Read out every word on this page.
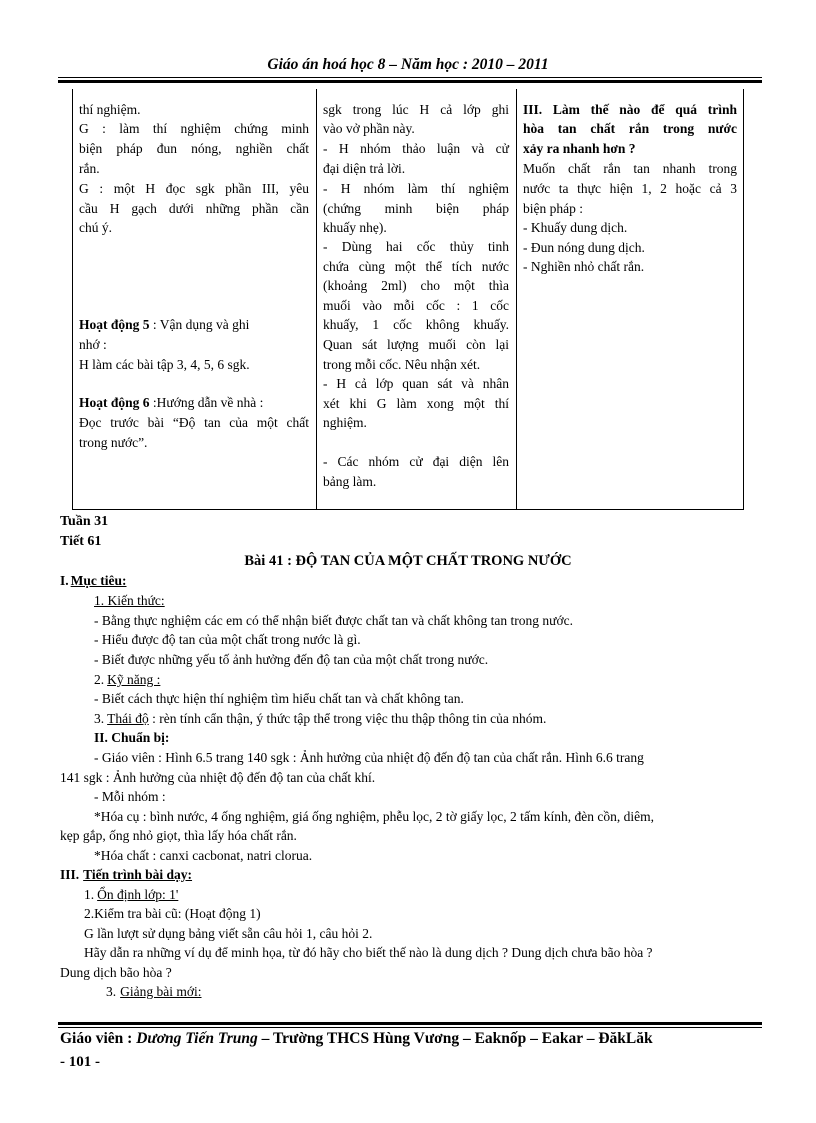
Giáo án hoá học 8 – Năm học : 2010 – 2011
thí nghiệm.
G : làm thí nghiệm chứng minh
biện pháp đun nóng, nghiền chất
rắn.
G : một H đọc sgk phần III, yêu
cầu H gạch dưới những phần cần
chú ý.
Hoạt động 5 : Vận dụng và ghi
nhớ :
H làm các bài tập 3, 4, 5, 6 sgk.
Hoạt động 6 :Hướng dẫn về nhà :
Đọc trước bài “Độ tan của một chất
trong nước”.
sgk trong lúc H cả lớp ghi
vào vở phần này.
- H nhóm thảo luận và cử
đại diện trả lời.
- H nhóm làm thí nghiệm
(chứng minh biện pháp
khuấy nhẹ).
- Dùng hai cốc thủy tinh
chứa cùng một thể tích nước
(khoảng 2ml) cho một thìa
muối vào mỗi cốc : 1 cốc
khuấy, 1 cốc không khuấy.
Quan sát lượng muối còn lại
trong mỗi cốc. Nêu nhận xét.
- H cả lớp quan sát và nhân
xét khi G làm xong một thí
nghiệm.
- Các nhóm cử đại diện lên
bảng làm.
III. Làm thế nào để quá trình
hòa tan chất rắn trong nước
xảy ra nhanh hơn ?
Muốn chất rắn tan nhanh trong
nước ta thực hiện 1, 2 hoặc cả 3
biện pháp :
- Khuấy dung dịch.
- Đun nóng dung dịch.
- Nghiền nhỏ chất rắn.
Tuần 31
Tiết 61
Bài 41 : ĐỘ TAN CỦA MỘT CHẤT TRONG NƯỚC
I. Mục tiêu:
1. Kiến thức:
- Bằng thực nghiệm các em có thể nhận biết được chất tan và chất không tan trong nước.
- Hiểu được độ tan của một chất trong nước là gì.
- Biết được những yếu tố ảnh hưởng đến độ tan của một chất trong nước.
2. Kỹ năng :
- Biết cách thực hiện thí nghiệm tìm hiểu chất tan và chất không tan.
3. Thái độ : rèn tính cẩn thận, ý thức tập thể trong việc thu thập thông tin của nhóm.
II. Chuẩn bị:
- Giáo viên : Hình 6.5 trang 140 sgk : Ảnh hưởng của nhiệt độ đến độ tan của chất rắn. Hình 6.6 trang
141 sgk : Ảnh hưởng của nhiệt độ đến độ tan của chất khí.
- Mỗi nhóm :
*Hóa cụ : bình nước, 4 ống nghiệm, giá ống nghiệm, phễu lọc, 2 tờ giấy lọc, 2 tấm kính, đèn cồn, diêm,
kẹp gắp, ống nhỏ giọt, thìa lấy hóa chất rắn.
*Hóa chất : canxi cacbonat, natri clorua.
III. Tiến trình bài dạy:
1. Ổn định lớp: 1'
2.Kiểm tra bài cũ: (Hoạt động 1)
G lần lượt sử dụng bảng viết sẵn câu hỏi 1, câu hỏi 2.
Hãy dẫn ra những ví dụ để minh họa, từ đó hãy cho biết thế nào là dung dịch ? Dung dịch chưa bão hòa ?
Dung dịch bão hòa ?
3. Giảng bài mới:
Giáo viên : Dương Tiến Trung – Trường THCS Hùng Vương – Eaknốp – Eakar – ĐăkLăk
- 101 -
